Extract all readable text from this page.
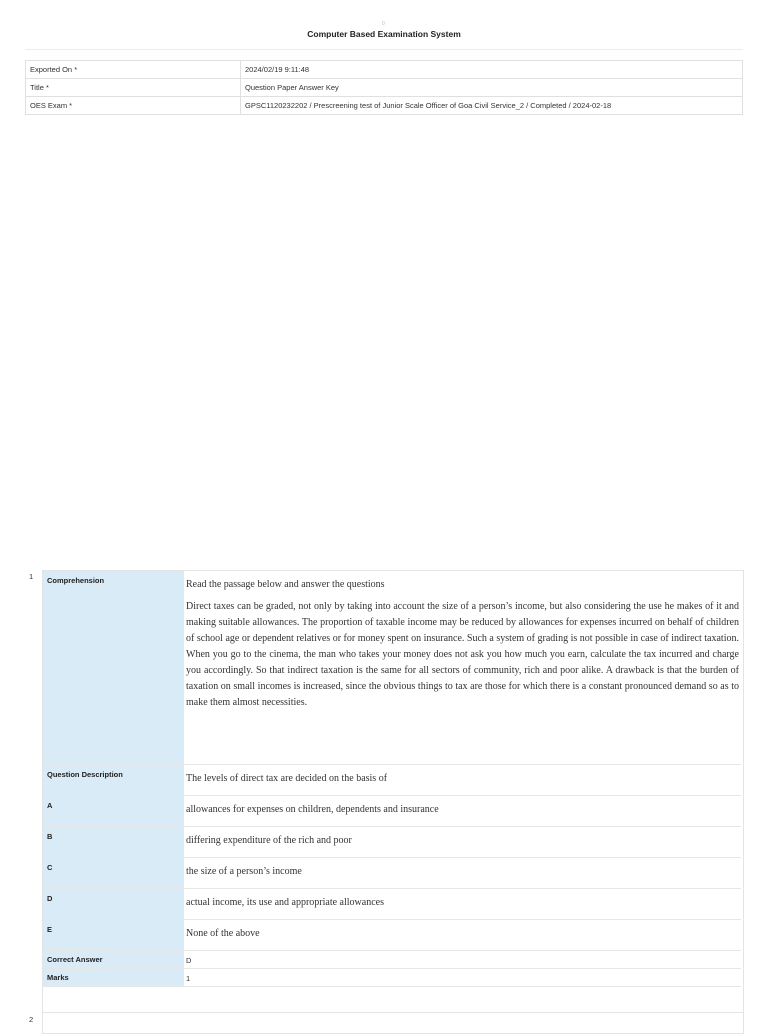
0
Computer Based Examination System
Exported On *	2024/02/19 9:11:48
Title *	Question Paper Answer Key
OES Exam *	GPSC1120232202 / Prescreening test of Junior Scale Officer of Goa Civil Service_2 / Completed / 2024-02-18
1 Comprehension	Read the passage below and answer the questions

Direct taxes can be graded, not only by taking into account the size of a person’s income, but also considering the use he makes of it and making suitable allowances. The proportion of taxable income may be reduced by allowances for expenses incurred on behalf of children of school age or dependent relatives or for money spent on insurance. Such a system of grading is not possible in case of indirect taxation. When you go to the cinema, the man who takes your money does not ask you how much you earn, calculate the tax incurred and charge you accordingly. So that indirect taxation is the same for all sectors of community, rich and poor alike. A drawback is that the burden of taxation on small incomes is increased, since the obvious things to tax are those for which there is a constant pronounced demand so as to make them almost necessities.

Question Description	The levels of direct tax are decided on the basis of
A	allowances for expenses on children, dependents and insurance
B	differing expenditure of the rich and poor
C	the size of a person’s income
D	actual income, its use and appropriate allowances
E	None of the above
Correct Answer	D
Marks	1
2
